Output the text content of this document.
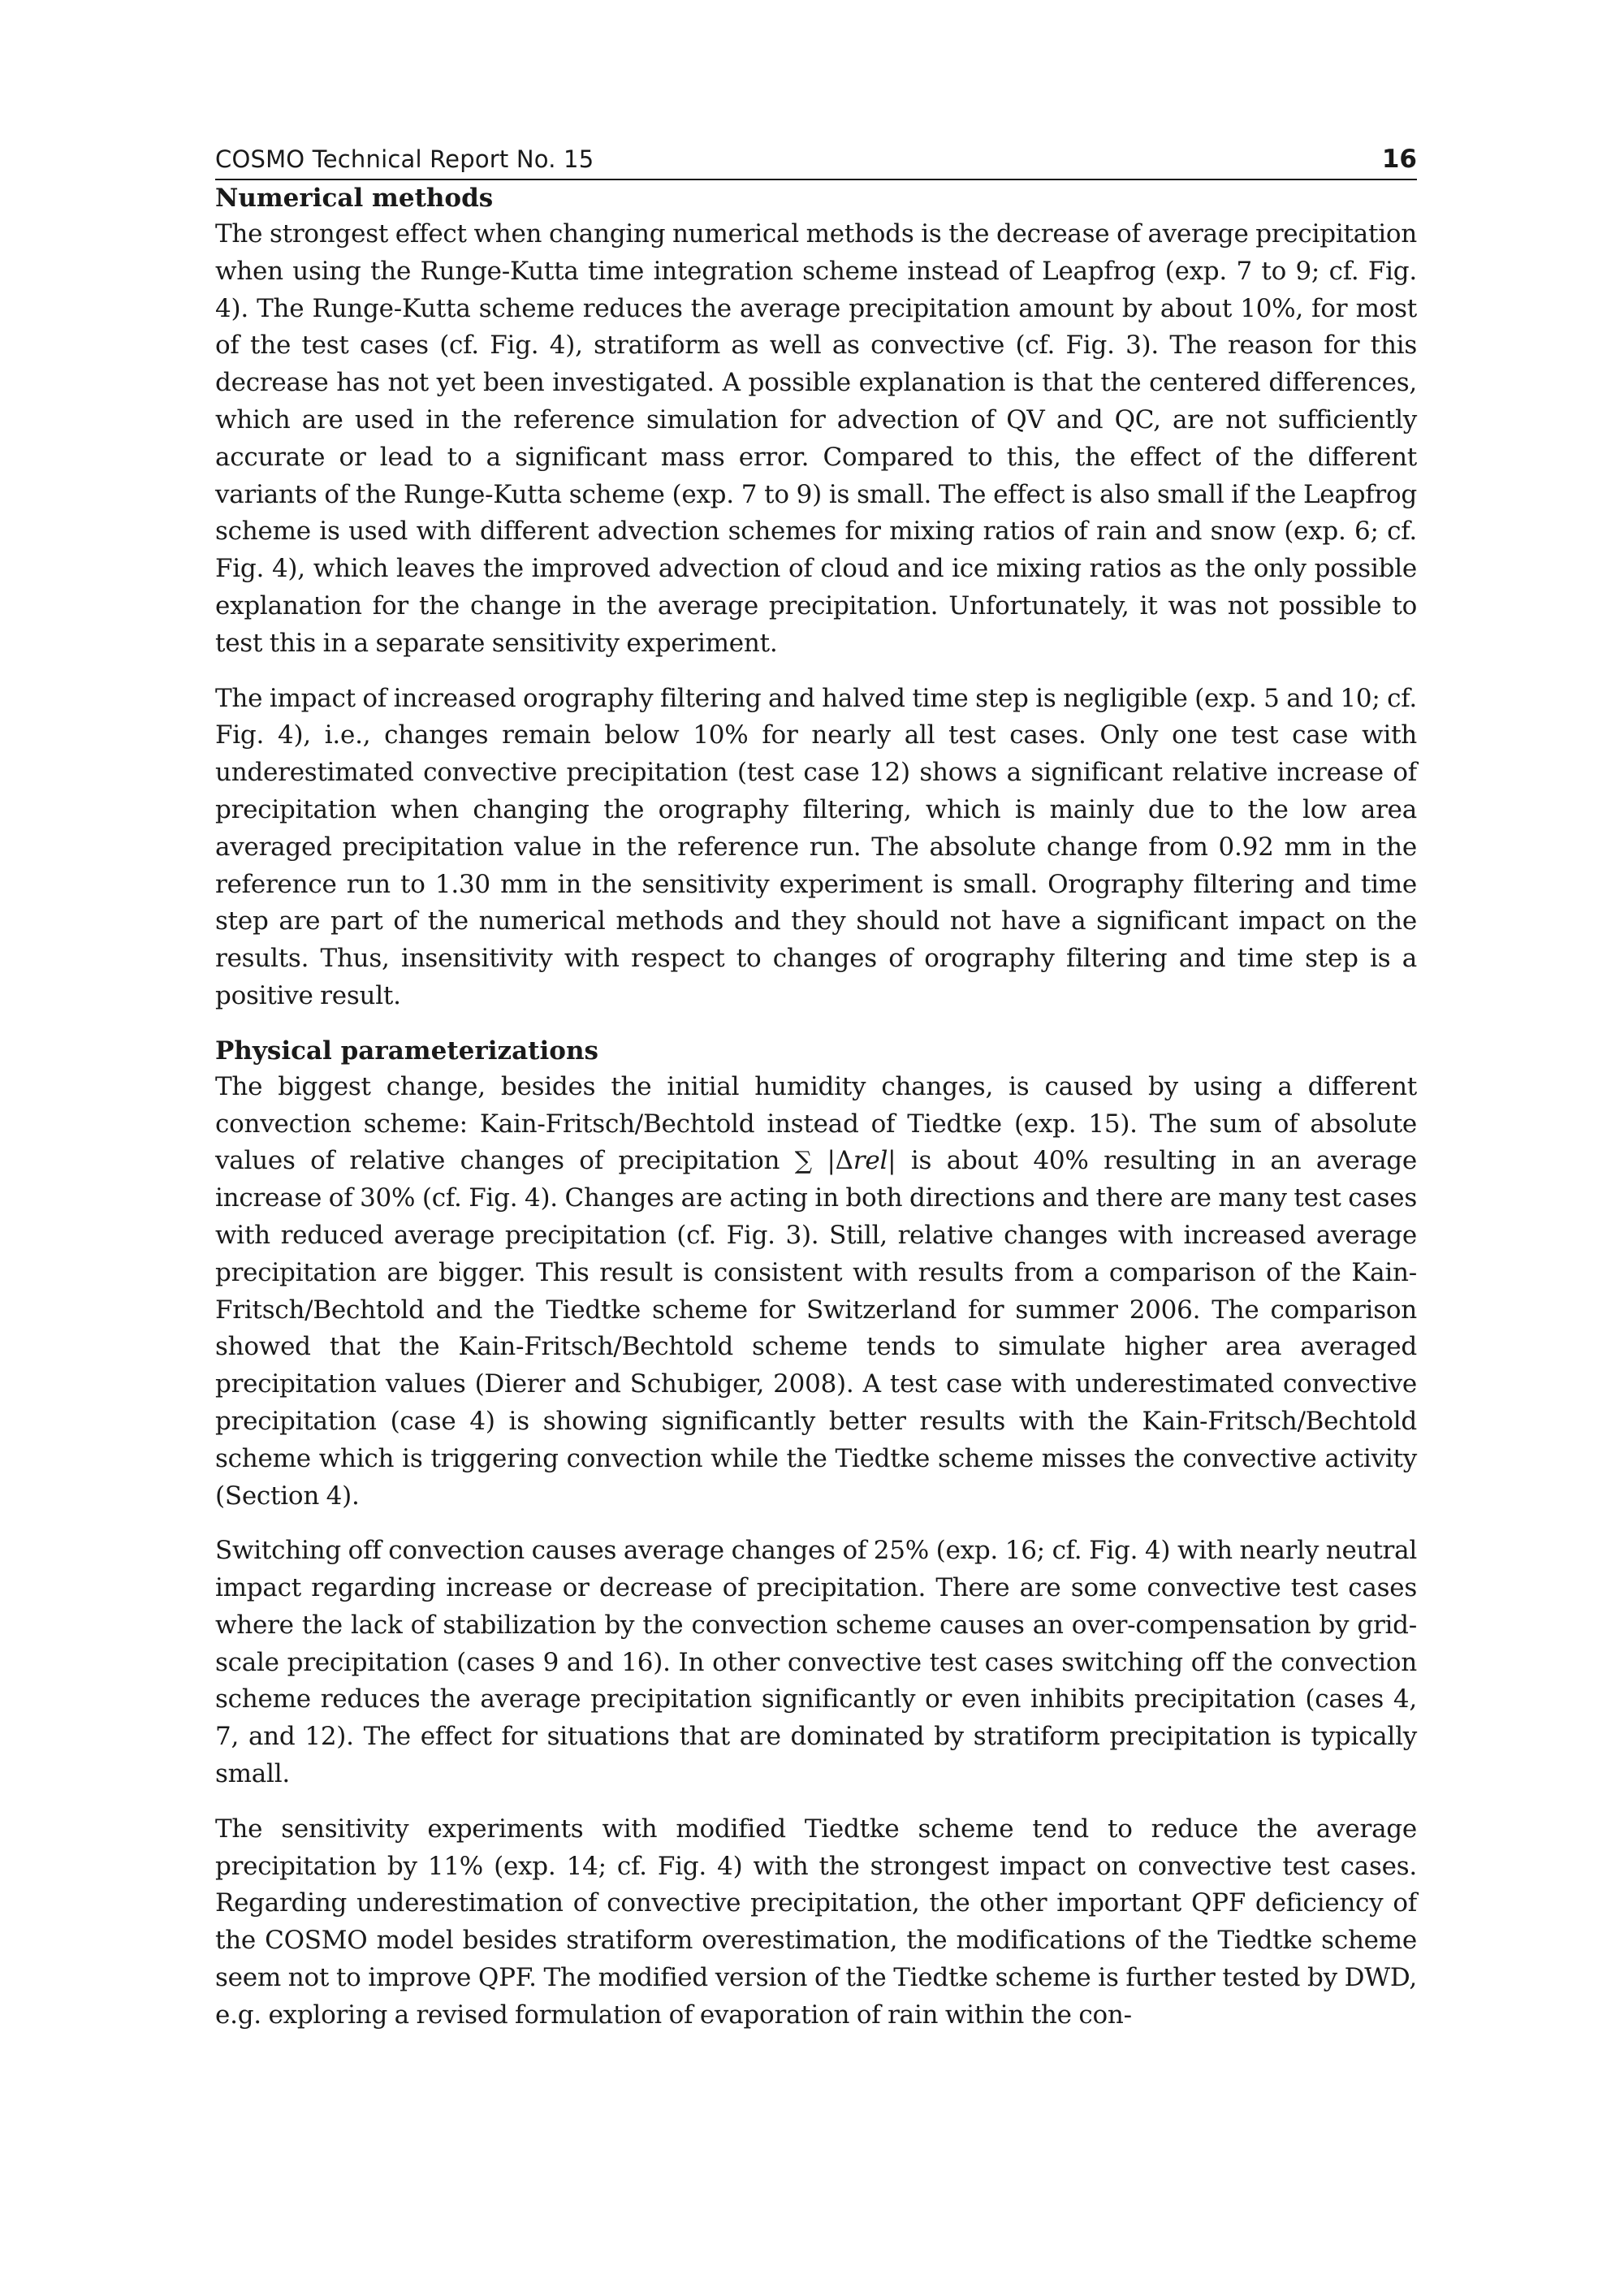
COSMO Technical Report No. 15	16
Numerical methods

The strongest effect when changing numerical methods is the decrease of average precipitation when using the Runge-Kutta time integration scheme instead of Leapfrog (exp. 7 to 9; cf. Fig. 4). The Runge-Kutta scheme reduces the average precipitation amount by about 10%, for most of the test cases (cf. Fig. 4), stratiform as well as convective (cf. Fig. 3). The reason for this decrease has not yet been investigated. A possible explanation is that the centered differences, which are used in the reference simulation for advection of QV and QC, are not sufficiently accurate or lead to a significant mass error. Compared to this, the effect of the different variants of the Runge-Kutta scheme (exp. 7 to 9) is small. The effect is also small if the Leapfrog scheme is used with different advection schemes for mixing ratios of rain and snow (exp. 6; cf. Fig. 4), which leaves the improved advection of cloud and ice mixing ratios as the only possible explanation for the change in the average precipitation. Unfortunately, it was not possible to test this in a separate sensitivity experiment.

The impact of increased orography filtering and halved time step is negligible (exp. 5 and 10; cf. Fig. 4), i.e., changes remain below 10% for nearly all test cases. Only one test case with underestimated convective precipitation (test case 12) shows a significant relative increase of precipitation when changing the orography filtering, which is mainly due to the low area averaged precipitation value in the reference run. The absolute change from 0.92 mm in the reference run to 1.30 mm in the sensitivity experiment is small. Orography filtering and time step are part of the numerical methods and they should not have a significant impact on the results. Thus, insensitivity with respect to changes of orography filtering and time step is a positive result.

Physical parameterizations

The biggest change, besides the initial humidity changes, is caused by using a different convection scheme: Kain-Fritsch/Bechtold instead of Tiedtke (exp. 15). The sum of absolute values of relative changes of precipitation ∑ |Δrel| is about 40% resulting in an average increase of 30% (cf. Fig. 4). Changes are acting in both directions and there are many test cases with reduced average precipitation (cf. Fig. 3). Still, relative changes with increased average precipitation are bigger. This result is consistent with results from a comparison of the Kain-Fritsch/Bechtold and the Tiedtke scheme for Switzerland for summer 2006. The comparison showed that the Kain-Fritsch/Bechtold scheme tends to simulate higher area averaged precipitation values (Dierer and Schubiger, 2008). A test case with underestimated convective precipitation (case 4) is showing significantly better results with the Kain-Fritsch/Bechtold scheme which is triggering convection while the Tiedtke scheme misses the convective activity (Section 4).

Switching off convection causes average changes of 25% (exp. 16; cf. Fig. 4) with nearly neutral impact regarding increase or decrease of precipitation. There are some convective test cases where the lack of stabilization by the convection scheme causes an over-compensation by grid-scale precipitation (cases 9 and 16). In other convective test cases switching off the convection scheme reduces the average precipitation significantly or even inhibits precipitation (cases 4, 7, and 12). The effect for situations that are dominated by stratiform precipitation is typically small.

The sensitivity experiments with modified Tiedtke scheme tend to reduce the average precipitation by 11% (exp. 14; cf. Fig. 4) with the strongest impact on convective test cases. Regarding underestimation of convective precipitation, the other important QPF deficiency of the COSMO model besides stratiform overestimation, the modifications of the Tiedtke scheme seem not to improve QPF. The modified version of the Tiedtke scheme is further tested by DWD, e.g. exploring a revised formulation of evaporation of rain within the con-
